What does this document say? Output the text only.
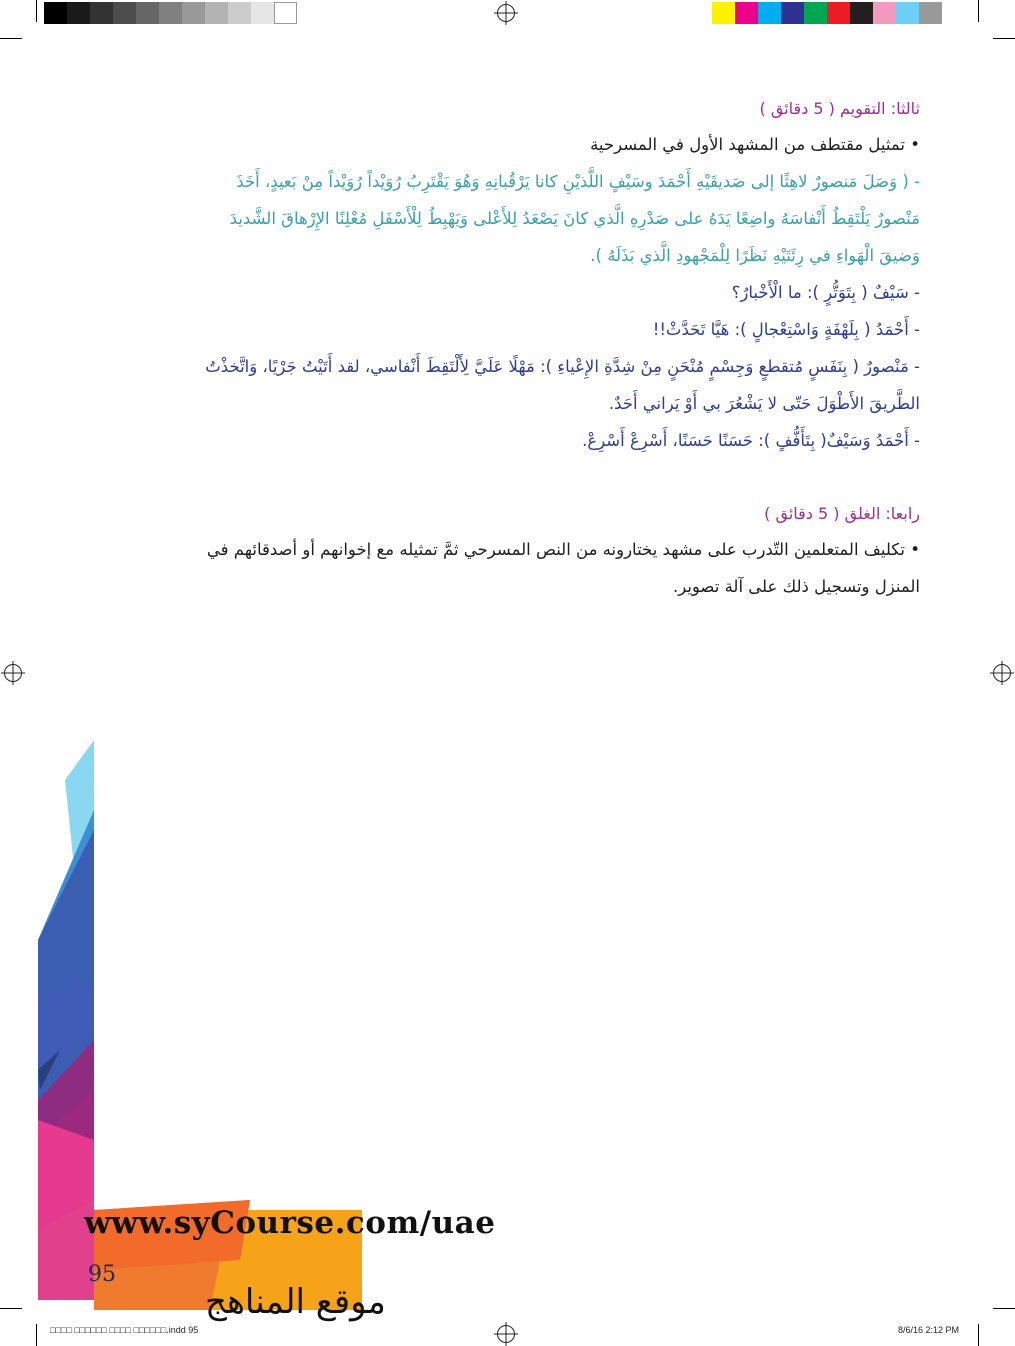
ثالثا: التقويم ( 5 دقائق )

• تمثيل مقتطف من المشهد الأول في المسرحية

- ( وَصَلَ مَنصورٌ لاهِثًا إلى صَديقَيْهِ أَحْمَدَ وسَيْفٍ اللَّذيْنِ كانا يَرْقُبانِهِ وَهُوَ يَقْتَرِبُ رُوَيْداً رُوَيْداً مِنْ بَعيدٍ، أَخَذَ

مَنْصورٌ يَلْتَقِطُ أَنْفاسَهُ واضِعًا يَدَهُ على صَدْرِهِ الَّذي كانَ يَصْعَدُ لِلأَعْلى وَيَهْبِطُ لِلْأَسْفَلِ مُعْلِنًا الإِرْهاقَ الشَّديدَ

وَضيقَ الْهَواءِ في رِئَتَيْهِ نَظَرًا لِلْمَجْهودِ الَّذي بَذَلَهُ ).

- سَيْفٌ ( بِتَوَتُّرٍ ): ما الْأَخْبارُ؟

- أَحْمَدُ ( بِلَهْفَةٍ وَاسْتِعْجالٍ ): هَيَّا تَحَدَّثْ!!

- مَنْصورٌ ( بِنَفَسٍ مُتقطعٍ وَجِسْمٍ مُنْحَنٍ مِنْ شِدَّةِ الإِعْياءِ ): مَهْلًا عَلَيَّ لِأَلْتَقِطَ أَنْفاسي، لقد أَتَيْتُ جَرْيًا، وَاتَّخذْتُ

الطَّريقَ الأَطْوَلَ حَتّى لا يَشْعُرَ بي أَوْ يَراني أَحَدٌ.

- أَحْمَدُ وَسَيْفٌ( بِتَأَفُّفٍ ): حَسَنًا حَسَنًا، أَسْرِعْ أَسْرِعْ.

رابعا: الغلق ( 5 دقائق )

• تكليف المتعلمين التّدرب على مشهد يختارونه من النص المسرحي ثمَّ تمثيله مع إخوانهم أو أصدقائهم في

المنزل وتسجيل ذلك على آلة تصوير.

www.syCourse.com/uae
95
موقع المناهج
□□□□ □□□□□□ □□□□ □□□□□□.indd 95	8/6/16 2:12 PM
